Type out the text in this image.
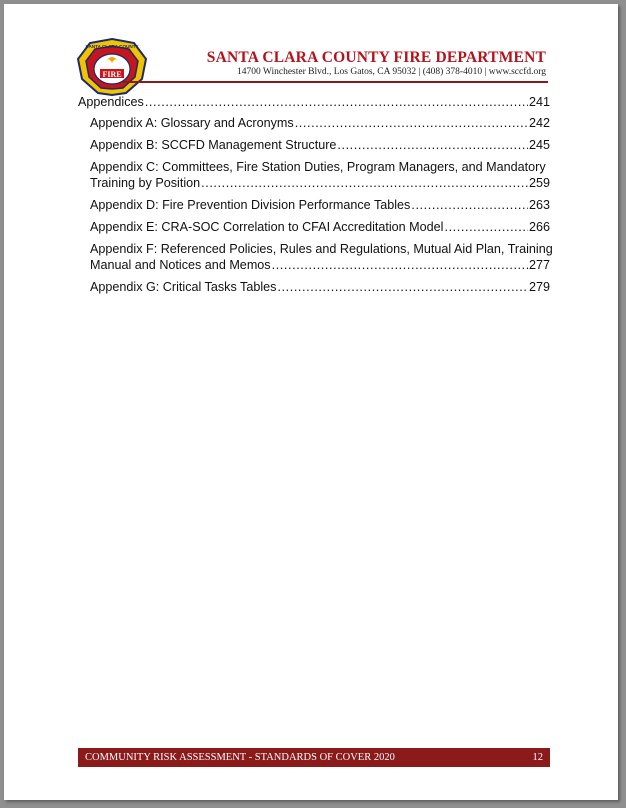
FIRE
SANTA CLARA COUNTY
SANTA CLARA COUNTY FIRE DEPARTMENT
14700 Winchester Blvd., Los Gatos, CA 95032 | (408) 378-4010 | www.sccfd.org
Appendices .....	241
Appendix A: Glossary and Acronyms .....	242
Appendix B: SCCFD Management Structure .....	245
Appendix C: Committees, Fire Station Duties, Program Managers, and Mandatory
Training by Position .....	259
Appendix D: Fire Prevention Division Performance Tables .....	263
Appendix E: CRA-SOC Correlation to CFAI Accreditation Model .....	266
Appendix F: Referenced Policies, Rules and Regulations, Mutual Aid Plan, Training
Manual and Notices and Memos .....	277
Appendix G: Critical Tasks Tables .....	279
COMMUNITY RISK ASSESSMENT - STANDARDS OF COVER 2020	12
